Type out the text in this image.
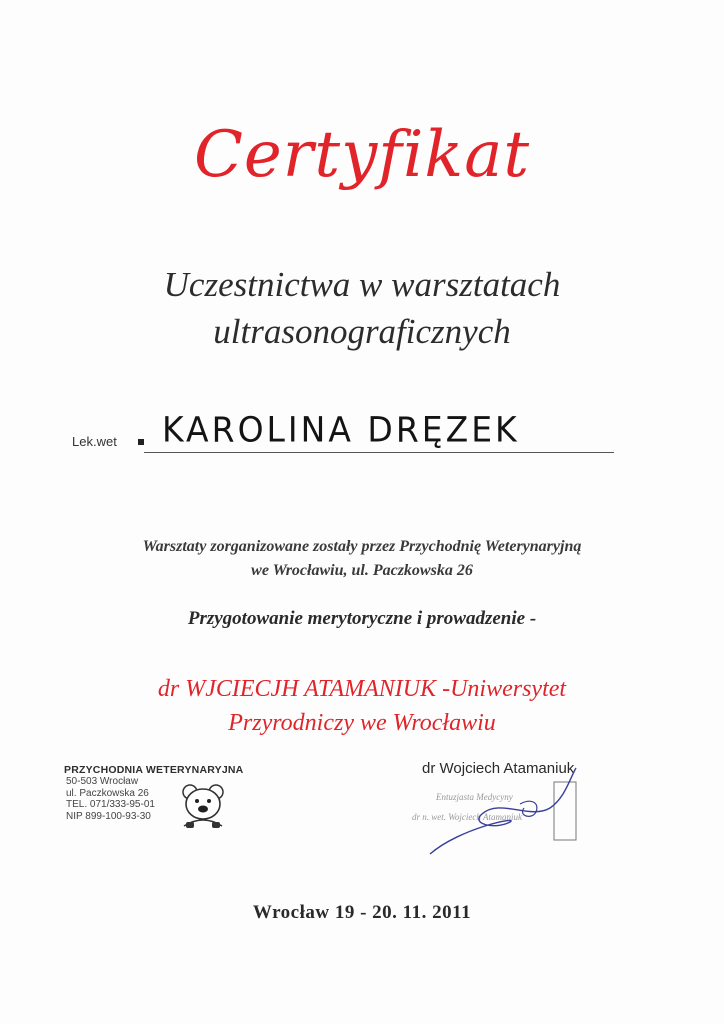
Certyfikat
Uczestnictwa w warsztatach
ultrasonograficznych
Lek.wet KAROLINA DRĘZEK
Warsztaty zorganizowane zostały przez Przychodnię Weterynaryjną
we Wrocławiu, ul. Paczkowska 26
Przygotowanie merytoryczne i prowadzenie -
dr WJCIECJH ATAMANIUK -Uniwersytet
Przyrodniczy we Wrocławiu
PRZYCHODNIA WETERYNARYJNA
50-503 Wrocław
ul. Paczkowska 26
TEL. 071/333-95-01
NIP 899-100-93-30
dr Wojciech Atamaniuk
Entuzjasta Medycyny
dr n. wet. Wojciech Atamaniuk
Wrocław 19 - 20. 11. 2011
